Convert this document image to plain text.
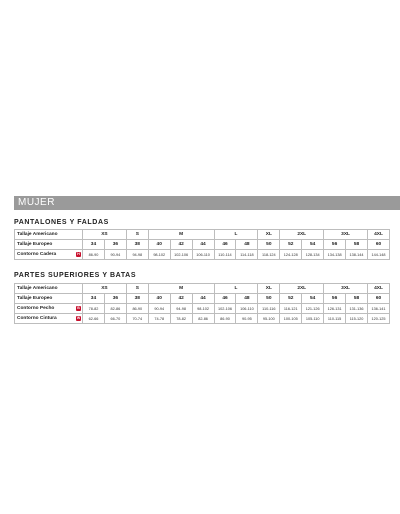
MUJER
PANTALONES Y FALDAS
Tallaje Americano	XS		S	M			L		XL	2XL		3XL		4XL
Tallaje Europeo	34	36	38	40	42	44	46	48	50	52	54	56	58	60
Contorno Cadera H	86-90	90-94	94-98	98-102	102-106	106-110	110-114	114-118	118-124	124-128	128-134	134-138	138-144	144-148
PARTES SUPERIORES Y BATAS
Tallaje Americano	XS		S	M			L		XL	2XL		3XL		4XL
Tallaje Europeo	34	36	38	40	42	44	46	48	50	52	54	56	58	60
Contorno Pecho B	78-82	82-86	86-90	90-94	94-98	98-102	102-106	106-110	110-116	116-121	121-126	126-131	131-136	136-141
Contorno Cintura W	62-66	66-70	70-74	74-78	78-82	82-86	86-90	90-95	95-100	100-105	105-110	110-115	115-120	120-125
